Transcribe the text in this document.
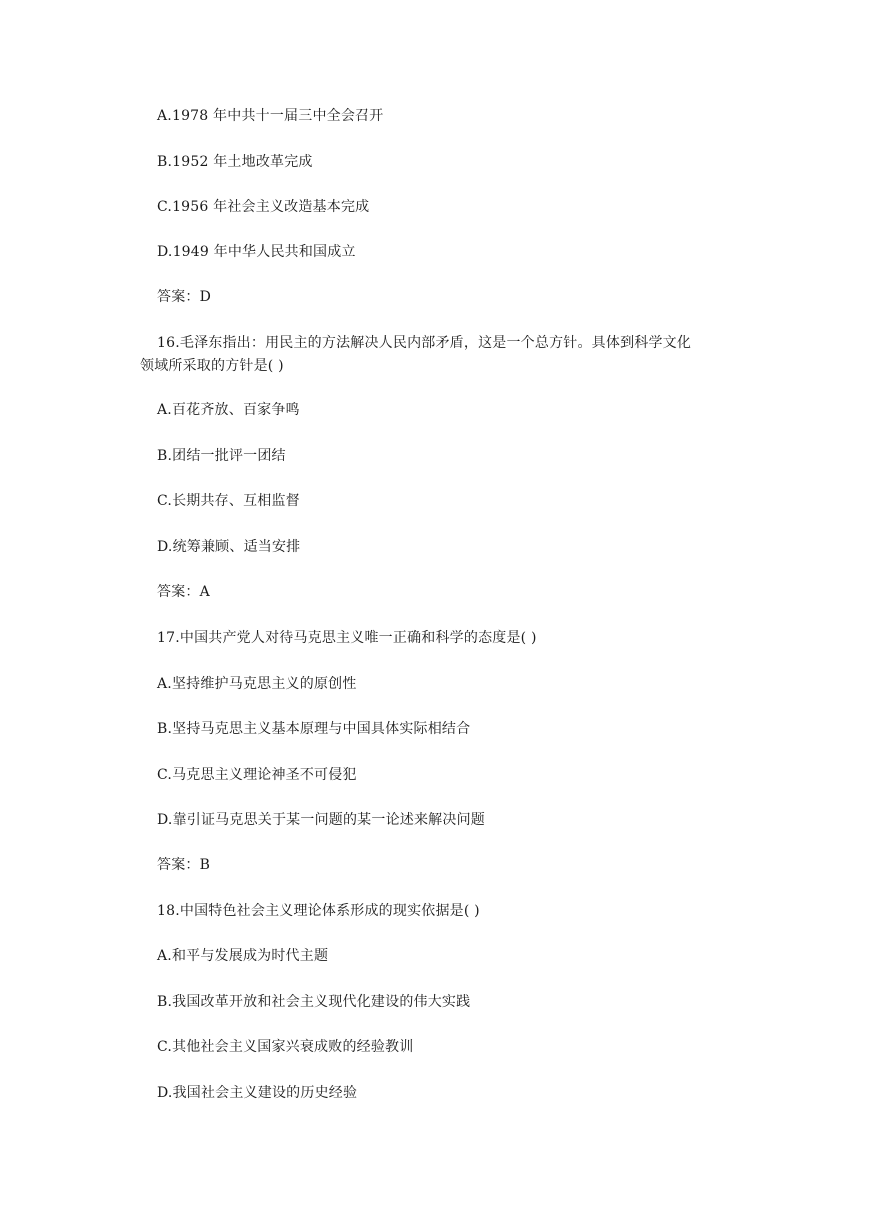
A.1978 年中共十一届三中全会召开
B.1952 年土地改革完成
C.1956 年社会主义改造基本完成
D.1949 年中华人民共和国成立
答案：D
16.毛泽东指出：用民主的方法解决人民内部矛盾，这是一个总方针。具体到科学文化
领域所采取的方针是( )
A.百花齐放、百家争鸣
B.团结一批评一团结
C.长期共存、互相监督
D.统筹兼顾、适当安排
答案：A
17.中国共产党人对待马克思主义唯一正确和科学的态度是( )
A.坚持维护马克思主义的原创性
B.坚持马克思主义基本原理与中国具体实际相结合
C.马克思主义理论神圣不可侵犯
D.靠引证马克思关于某一问题的某一论述来解决问题
答案：B
18.中国特色社会主义理论体系形成的现实依据是( )
A.和平与发展成为时代主题
B.我国改革开放和社会主义现代化建设的伟大实践
C.其他社会主义国家兴衰成败的经验教训
D.我国社会主义建设的历史经验
